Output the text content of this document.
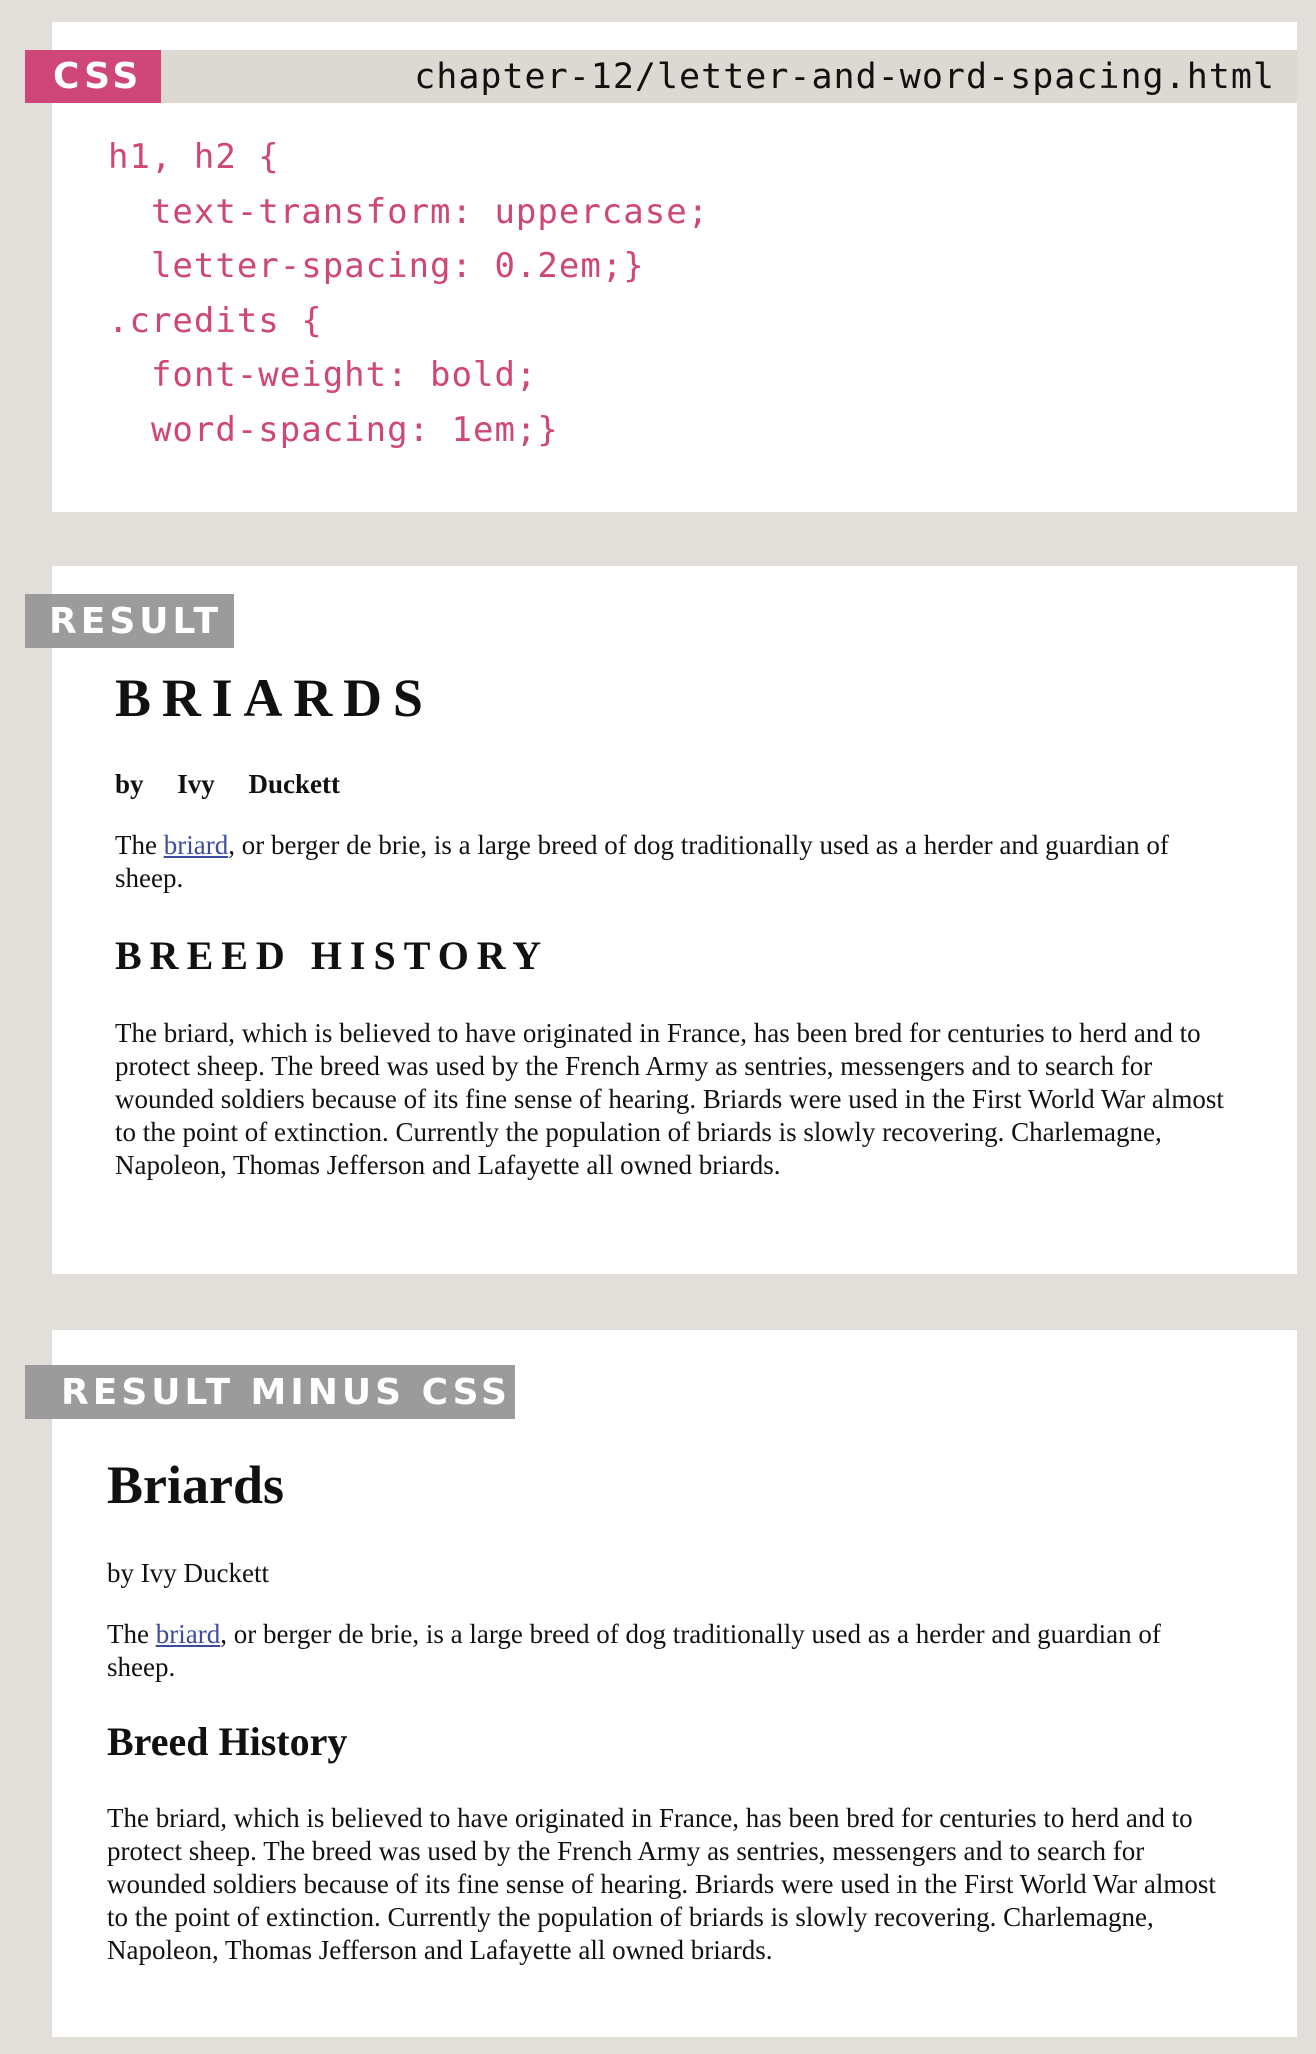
chapter-12/letter-and-word-spacing.html
CSS
h1, h2 {
text-transform: uppercase;
letter-spacing: 0.2em;}
.credits {
font-weight: bold;
word-spacing: 1em;}
RESULT
BRIARDS
by Ivy Duckett

The briard, or berger de brie, is a large breed of dog traditionally used as a herder and guardian of sheep.

BREED HISTORY

The briard, which is believed to have originated in France, has been bred for centuries to herd and to protect sheep. The breed was used by the French Army as sentries, messengers and to search for wounded soldiers because of its fine sense of hearing. Briards were used in the First World War almost to the point of extinction. Currently the population of briards is slowly recovering. Charlemagne, Napoleon, Thomas Jefferson and Lafayette all owned briards.

RESULT MINUS CSS
Briards
by Ivy Duckett

The briard, or berger de brie, is a large breed of dog traditionally used as a herder and guardian of sheep.

Breed History

The briard, which is believed to have originated in France, has been bred for centuries to herd and to protect sheep. The breed was used by the French Army as sentries, messengers and to search for wounded soldiers because of its fine sense of hearing. Briards were used in the First World War almost to the point of extinction. Currently the population of briards is slowly recovering. Charlemagne, Napoleon, Thomas Jefferson and Lafayette all owned briards.
